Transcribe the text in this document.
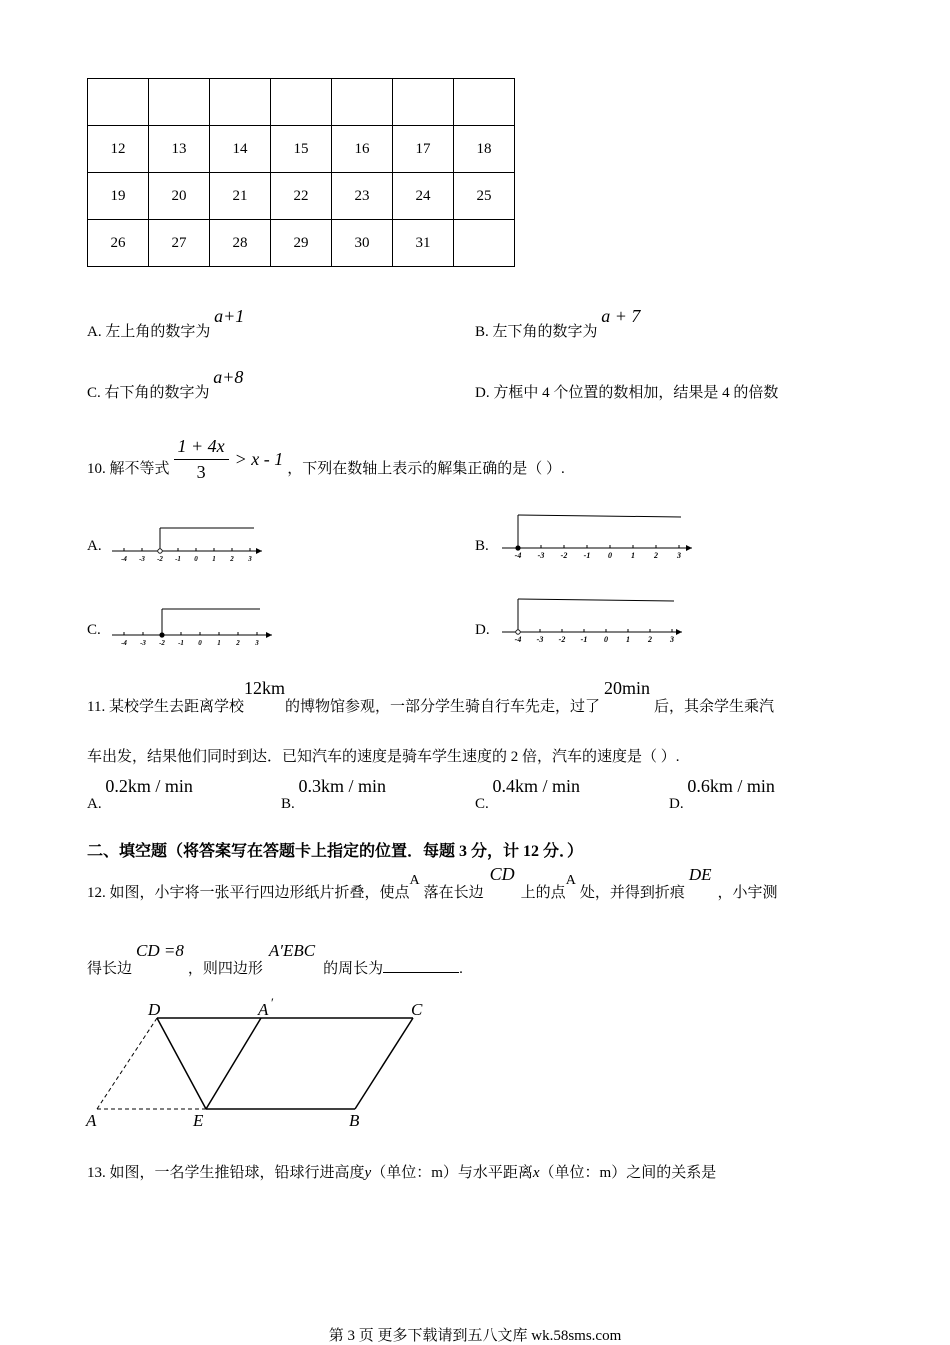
12	13	14	15	16	17	18
19	20	21	22	23	24	25
26	27	28	29	30	31	
A. 左上角的数字为 a+1
B. 左下角的数字为 a + 7
C. 右下角的数字为 a+8
D. 方框中 4 个位置的数相加，结果是 4 的倍数
10. 解不等式 $\frac{1 + 4x}{3} > x - 1$ ，下列在数轴上表示的解集正确的是（ ）.
A.	B.
C.	D.
-4 -3 -2 -1 0 1 2 3	-4 -3 -2 -1 0 1 2 3
-4 -3 -2 -1 0 1 2 3	-4 -3 -2 -1 0 1 2 3
11. 某校学生去距离学校12km的博物馆参观，一部分学生骑自行车先走，过了20min后，其余学生乘汽
车出发，结果他们同时到达．已知汽车的速度是骑车学生速度的 2 倍，汽车的速度是（ ）.
A. 0.2km / min
B. 0.3km / min
C. 0.4km / min
D. 0.6km / min
二、填空题（将答案写在答题卡上指定的位置．每题 3 分，计 12 分．）
12. 如图，小宇将一张平行四边形纸片折叠，使点A落在长边CD上的点A处，并得到折痕DE，小宇测
得长边CD =8，则四边形A′EBC的周长为	.
D	A ′	C
A	E	B
13. 如图，一名学生推铅球，铅球行进高度y（单位：m）与水平距离x（单位：m）之间的关系是
第 3 页 更多下载请到五八文库 wk.58sms.com
